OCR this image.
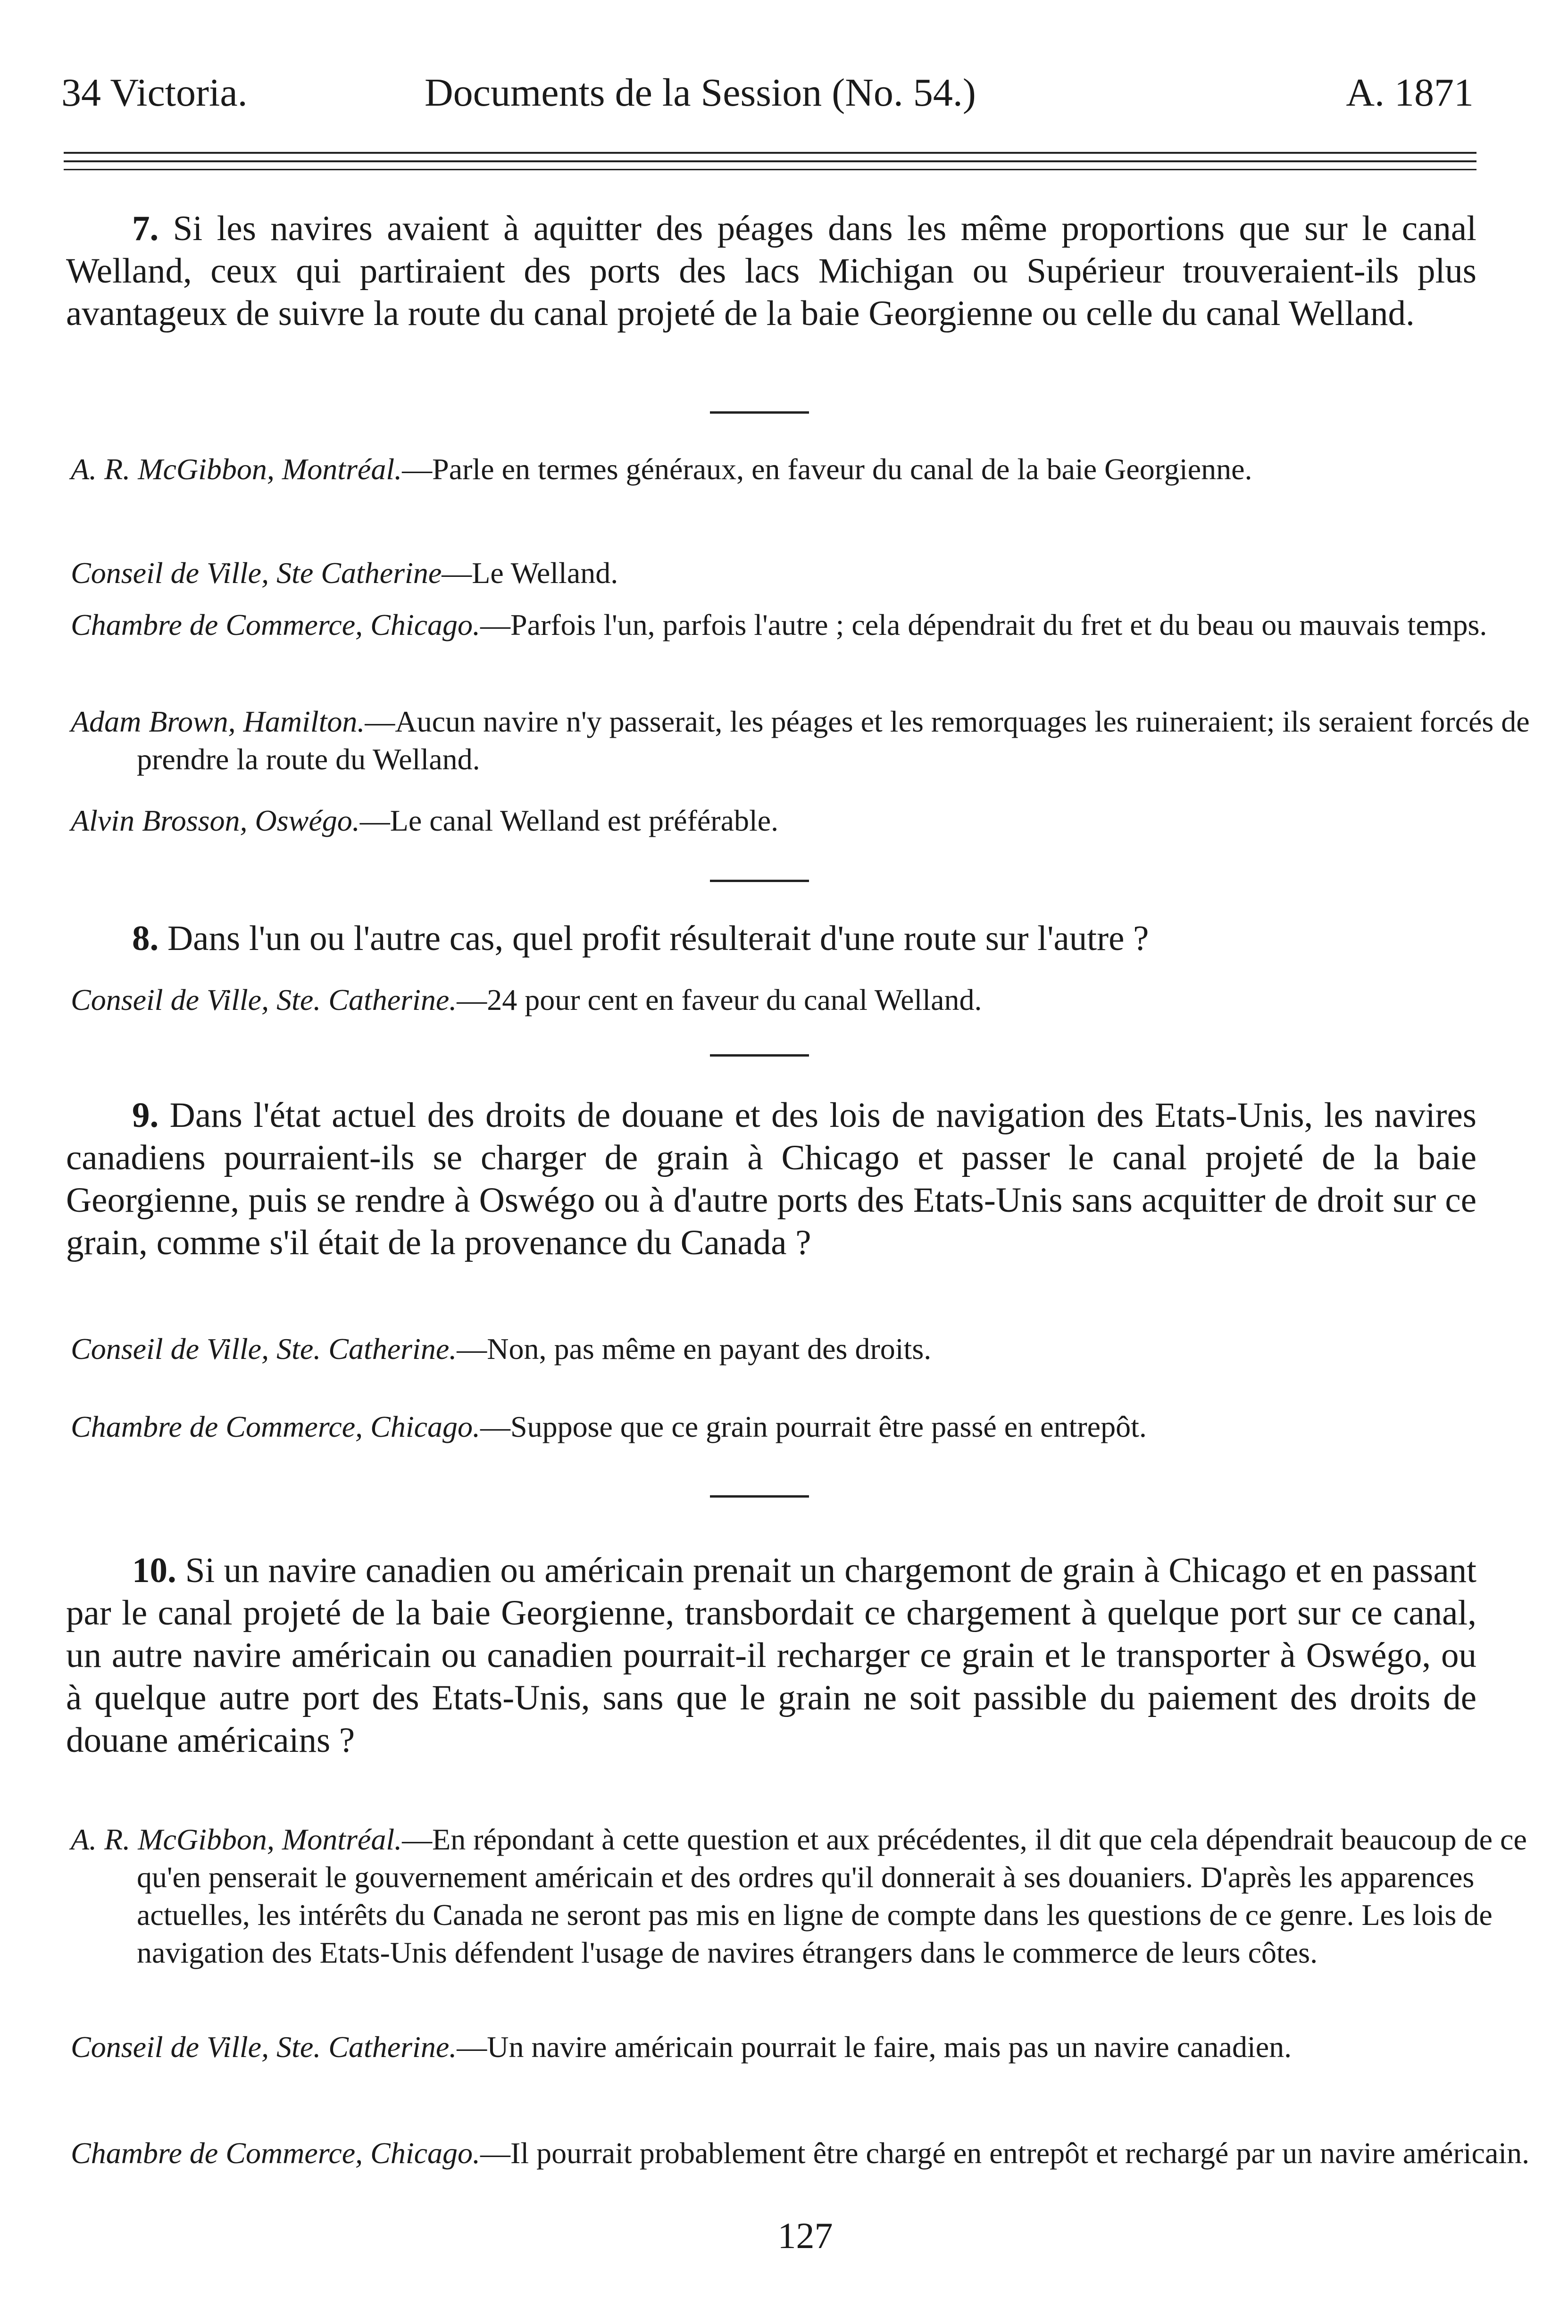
34 Victoria.	Documents de la Session (No. 54.)	A. 1871
7. Si les navires avaient à aquitter des péages dans les même proportions que sur le canal Welland, ceux qui partiraient des ports des lacs Michigan ou Supérieur trouveraient-ils plus avantageux de suivre la route du canal projeté de la baie Georgienne ou celle du canal Welland.
A. R. McGibbon, Montréal.—Parle en termes généraux, en faveur du canal de la baie Georgienne.
Conseil de Ville, Ste Catherine—Le Welland.
Chambre de Commerce, Chicago.—Parfois l'un, parfois l'autre ; cela dépendrait du fret et du beau ou mauvais temps.
Adam Brown, Hamilton.—Aucun navire n'y passerait, les péages et les remorquages les ruineraient; ils seraient forcés de prendre la route du Welland.
Alvin Brosson, Oswégo.—Le canal Welland est préférable.
8. Dans l'un ou l'autre cas, quel profit résulterait d'une route sur l'autre ?
Conseil de Ville, Ste. Catherine.—24 pour cent en faveur du canal Welland.
9. Dans l'état actuel des droits de douane et des lois de navigation des Etats-Unis, les navires canadiens pourraient-ils se charger de grain à Chicago et passer le canal projeté de la baie Georgienne, puis se rendre à Oswégo ou à d'autre ports des Etats-Unis sans acquitter de droit sur ce grain, comme s'il était de la provenance du Canada ?
Conseil de Ville, Ste. Catherine.—Non, pas même en payant des droits.
Chambre de Commerce, Chicago.—Suppose que ce grain pourrait être passé en entrepôt.
10. Si un navire canadien ou américain prenait un chargemont de grain à Chicago et en passant par le canal projeté de la baie Georgienne, transbordait ce chargement à quelque port sur ce canal, un autre navire américain ou canadien pourrait-il recharger ce grain et le transporter à Oswégo, ou à quelque autre port des Etats-Unis, sans que le grain ne soit passible du paiement des droits de douane américains ?
A. R. McGibbon, Montréal.—En répondant à cette question et aux précédentes, il dit que cela dépendrait beaucoup de ce qu'en penserait le gouvernement américain et des ordres qu'il donnerait à ses douaniers. D'après les apparences actuelles, les intérêts du Canada ne seront pas mis en ligne de compte dans les questions de ce genre. Les lois de navigation des Etats-Unis défendent l'usage de navires étrangers dans le commerce de leurs côtes.
Conseil de Ville, Ste. Catherine.—Un navire américain pourrait le faire, mais pas un navire canadien.
Chambre de Commerce, Chicago.—Il pourrait probablement être chargé en entrepôt et rechargé par un navire américain.
127
